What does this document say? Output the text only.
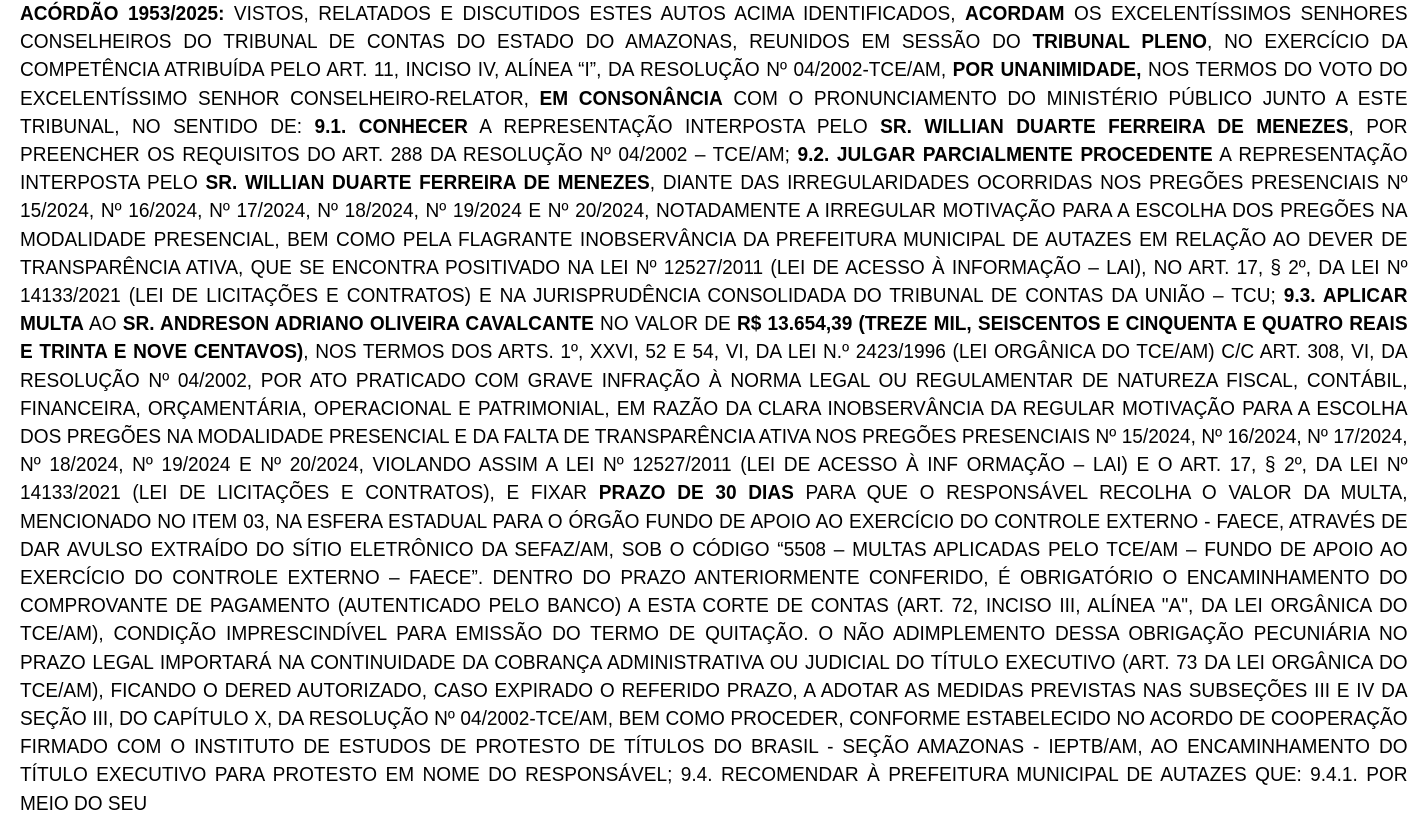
ACÓRDÃO 1953/2025: VISTOS, RELATADOS E DISCUTIDOS ESTES AUTOS ACIMA IDENTIFICADOS, ACORDAM OS EXCELENTÍSSIMOS SENHORES CONSELHEIROS DO TRIBUNAL DE CONTAS DO ESTADO DO AMAZONAS, REUNIDOS EM SESSÃO DO TRIBUNAL PLENO, NO EXERCÍCIO DA COMPETÊNCIA ATRIBUÍDA PELO ART. 11, INCISO IV, ALÍNEA “I”, DA RESOLUÇÃO Nº 04/2002-TCE/AM, POR UNANIMIDADE, NOS TERMOS DO VOTO DO EXCELENTÍSSIMO SENHOR CONSELHEIRO-RELATOR, EM CONSONÂNCIA COM O PRONUNCIAMENTO DO MINISTÉRIO PÚBLICO JUNTO A ESTE TRIBUNAL, NO SENTIDO DE: 9.1. CONHECER A REPRESENTAÇÃO INTERPOSTA PELO SR. WILLIAN DUARTE FERREIRA DE MENEZES, POR PREENCHER OS REQUISITOS DO ART. 288 DA RESOLUÇÃO Nº 04/2002 – TCE/AM; 9.2. JULGAR PARCIALMENTE PROCEDENTE A REPRESENTAÇÃO INTERPOSTA PELO SR. WILLIAN DUARTE FERREIRA DE MENEZES, DIANTE DAS IRREGULARIDADES OCORRIDAS NOS PREGÕES PRESENCIAIS Nº 15/2024, Nº 16/2024, Nº 17/2024, Nº 18/2024, Nº 19/2024 E Nº 20/2024, NOTADAMENTE A IRREGULAR MOTIVAÇÃO PARA A ESCOLHA DOS PREGÕES NA MODALIDADE PRESENCIAL, BEM COMO PELA FLAGRANTE INOBSERVÂNCIA DA PREFEITURA MUNICIPAL DE AUTAZES EM RELAÇÃO AO DEVER DE TRANSPARÊNCIA ATIVA, QUE SE ENCONTRA POSITIVADO NA LEI Nº 12527/2011 (LEI DE ACESSO À INFORMAÇÃO – LAI), NO ART. 17, § 2º, DA LEI Nº 14133/2021 (LEI DE LICITAÇÕES E CONTRATOS) E NA JURISPRUDÊNCIA CONSOLIDADA DO TRIBUNAL DE CONTAS DA UNIÃO – TCU; 9.3. APLICAR MULTA AO SR. ANDRESON ADRIANO OLIVEIRA CAVALCANTE NO VALOR DE R$ 13.654,39 (TREZE MIL, SEISCENTOS E CINQUENTA E QUATRO REAIS E TRINTA E NOVE CENTAVOS), NOS TERMOS DOS ARTS. 1º, XXVI, 52 E 54, VI, DA LEI N.º 2423/1996 (LEI ORGÂNICA DO TCE/AM) C/C ART. 308, VI, DA RESOLUÇÃO Nº 04/2002, POR ATO PRATICADO COM GRAVE INFRAÇÃO À NORMA LEGAL OU REGULAMENTAR DE NATUREZA FISCAL, CONTÁBIL, FINANCEIRA, ORÇAMENTÁRIA, OPERACIONAL E PATRIMONIAL, EM RAZÃO DA CLARA INOBSERVÂNCIA DA REGULAR MOTIVAÇÃO PARA A ESCOLHA DOS PREGÕES NA MODALIDADE PRESENCIAL E DA FALTA DE TRANSPARÊNCIA ATIVA NOS PREGÕES PRESENCIAIS Nº 15/2024, Nº 16/2024, Nº 17/2024, Nº 18/2024, Nº 19/2024 E Nº 20/2024, VIOLANDO ASSIM A LEI Nº 12527/2011 (LEI DE ACESSO À INF ORMAÇÃO – LAI) E O ART. 17, § 2º, DA LEI Nº 14133/2021 (LEI DE LICITAÇÕES E CONTRATOS), E FIXAR PRAZO DE 30 DIAS PARA QUE O RESPONSÁVEL RECOLHA O VALOR DA MULTA, MENCIONADO NO ITEM 03, NA ESFERA ESTADUAL PARA O ÓRGÃO FUNDO DE APOIO AO EXERCÍCIO DO CONTROLE EXTERNO - FAECE, ATRAVÉS DE DAR AVULSO EXTRAÍDO DO SÍTIO ELETRÔNICO DA SEFAZ/AM, SOB O CÓDIGO “5508 – MULTAS APLICADAS PELO TCE/AM – FUNDO DE APOIO AO EXERCÍCIO DO CONTROLE EXTERNO – FAECE”. DENTRO DO PRAZO ANTERIORMENTE CONFERIDO, É OBRIGATÓRIO O ENCAMINHAMENTO DO COMPROVANTE DE PAGAMENTO (AUTENTICADO PELO BANCO) A ESTA CORTE DE CONTAS (ART. 72, INCISO III, ALÍNEA "A", DA LEI ORGÂNICA DO TCE/AM), CONDIÇÃO IMPRESCINDÍVEL PARA EMISSÃO DO TERMO DE QUITAÇÃO. O NÃO ADIMPLEMENTO DESSA OBRIGAÇÃO PECUNIÁRIA NO PRAZO LEGAL IMPORTARÁ NA CONTINUIDADE DA COBRANÇA ADMINISTRATIVA OU JUDICIAL DO TÍTULO EXECUTIVO (ART. 73 DA LEI ORGÂNICA DO TCE/AM), FICANDO O DERED AUTORIZADO, CASO EXPIRADO O REFERIDO PRAZO, A ADOTAR AS MEDIDAS PREVISTAS NAS SUBSEÇÕES III E IV DA SEÇÃO III, DO CAPÍTULO X, DA RESOLUÇÃO Nº 04/2002-TCE/AM, BEM COMO PROCEDER, CONFORME ESTABELECIDO NO ACORDO DE COOPERAÇÃO FIRMADO COM O INSTITUTO DE ESTUDOS DE PROTESTO DE TÍTULOS DO BRASIL - SEÇÃO AMAZONAS - IEPTB/AM, AO ENCAMINHAMENTO DO TÍTULO EXECUTIVO PARA PROTESTO EM NOME DO RESPONSÁVEL; 9.4. RECOMENDAR À PREFEITURA MUNICIPAL DE AUTAZES QUE: 9.4.1. POR MEIO DO SEU
